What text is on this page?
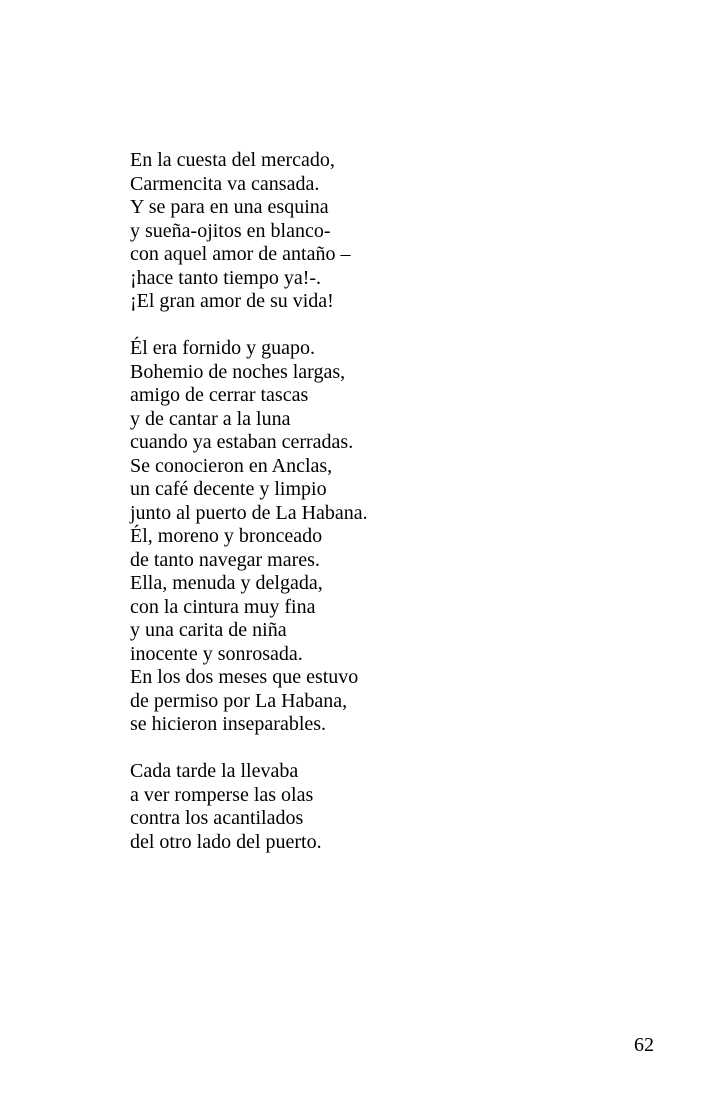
En la cuesta del mercado,
Carmencita va cansada.
Y se para en una esquina
y sueña-ojitos en blanco-
con aquel amor de antaño –
¡hace tanto tiempo ya!-.
¡El gran amor de su vida!
Él era fornido y guapo.
Bohemio de noches largas,
amigo de cerrar tascas
y de cantar a la luna
cuando ya estaban cerradas.
Se conocieron en Anclas,
un café decente y limpio
junto al puerto de La Habana.
Él, moreno y bronceado
de tanto navegar mares.
Ella, menuda y delgada,
con la cintura muy fina
y una carita de niña
inocente y sonrosada.
En los dos meses que estuvo
de permiso por La Habana,
se hicieron inseparables.
Cada tarde la llevaba
a ver romperse las olas
contra los acantilados
del otro lado del puerto.
62
